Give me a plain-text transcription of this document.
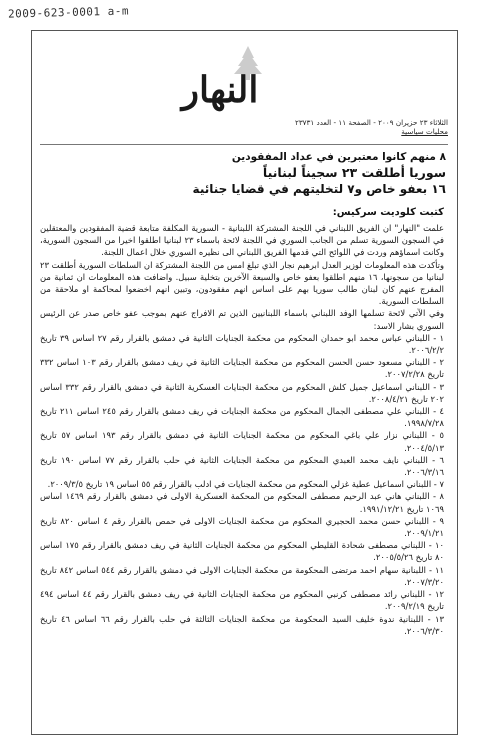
2009-623-0001 a-m
النهار
الثلاثاء ٢٣ حزيران ٢٠٠٩ - الصفحة ١١ - العدد ٢٣٧٣١
محليات سياسية
٨ منهم كانوا معتبرين في عداد المفقودين
سوريا أطلقت ٢٣ سجيناً لبنانياً
١٦ بعفو خاص و٧ لتخليتهم في قضايا جنائية
كتبت كلوديت سركيس:

علمت "النهار" ان الفريق اللبناني في اللجنة المشتركة اللبنانية - السورية المكلفة متابعة قضية المفقودين والمعتقلين في السجون السورية تسلم من الجانب السوري في اللجنة لائحة باسماء ٢٣ لبنانيا اطلقوا اخيرا من السجون السورية، وكانت اسماؤهم وردت في اللوائح التي قدمها الفريق اللبناني الى نظيره السوري خلال اعمال اللجنة.

وتأكدت هذه المعلومات لوزير العدل ابرهيم نجار الذي تبلغ امس من اللجنة المشتركة ان السلطات السورية أطلقت ٢٣ لبنانيا من سجونها، ١٦ منهم اطلقوا بعفو خاص والسبعة الآخرين بتخلية سبيل. واضافت هذه المعلومات ان ثمانية من المفرج عنهم كان لبنان طالب سوريا بهم على اساس انهم مفقودون، وتبين انهم اخضعوا لمحاكمة او ملاحقة من السلطات السورية.

وفي الآتي لائحة تسلمها الوفد اللبناني باسماء اللبنانيين الذين تم الافراج عنهم بموجب عفو خاص صدر عن الرئيس السوري بشار الاسد:

١ - اللبناني عباس محمد ابو حمدان المحكوم من محكمة الجنايات الثانية في دمشق بالقرار رقم ٢٧ اساس ٣٩ تاريخ ٢٠٠٦/٢/٢.

٢ - اللبناني مسعود حسن الحسن المحكوم من محكمة الجنايات الثانية في ريف دمشق بالقرار رقم ١٠٣ اساس ٣٣٢ تاريخ ٢٠٠٧/٢/٢٨.

٣ - اللبناني اسماعيل جميل كلش المحكوم من محكمة الجنايات العسكرية الثانية في دمشق بالقرار رقم ٣٣٢ اساس ٢٠٢ تاريخ ٢٠٠٨/٤/٢١.

٤ - اللبناني علي مصطفى الجمال المحكوم من محكمة الجنايات في ريف دمشق بالقرار رقم ٢٤٥ اساس ٢١١ تاريخ ١٩٩٨/٧/٢٨.

٥ - اللبناني نزار علي باغي المحكوم من محكمة الجنايات الثانية في دمشق بالقرار رقم ١٩٣ اساس ٥٧ تاريخ ٢٠٠٤/٥/١٣.

٦ - اللبناني نايف محمد العبدي المحكوم من محكمة الجنايات الثانية في حلب بالقرار رقم ٧٧ اساس ١٩٠ تاريخ ٢٠٠٦/٣/١٦.

٧ - اللبناني اسماعيل عطية غزلي المحكوم من محكمة الجنايات في ادلب بالقرار رقم ٥٥ اساس ١٩ تاريخ ٢٠٠٩/٣/٥.

٨ - اللبناني هاني عبد الرحيم مصطفى المحكوم من المحكمة العسكرية الاولى في دمشق بالقرار رقم ١٤٦٩ اساس ١٠٦٩ تاريخ ١٩٩١/١٢/٢١.

٩ - اللبناني حسن محمد الحجيري المحكوم من محكمة الجنايات الاولى في حمص بالقرار رقم ٤ اساس ٨٢٠ تاريخ ٢٠٠٩/١/٢١.

١٠ - اللبناني مصطفى شحادة القليطي المحكوم من محكمة الجنايات الثانية في ريف دمشق بالقرار رقم ١٧٥ اساس ٨٠ تاريخ ٢٠٠٥/٥/٢٦.

١١ - اللبنانية سهام احمد مرتضى المحكومة من محكمة الجنايات الاولى في دمشق بالقرار رقم ٥٤٤ اساس ٨٤٢ تاريخ ٢٠٠٧/٣/٢٠.

١٢ - اللبناني رائد مصطفى كرنبي المحكوم من محكمة الجنايات الثانية في ريف دمشق بالقرار رقم ٤٤ اساس ٤٩٤ تاريخ ٢٠٠٩/٢/١٩.

١٣ - اللبنانية ندوة خليف السيد المحكومة من محكمة الجنايات الثالثة في حلب بالقرار رقم ٦٦ اساس ٤٦ تاريخ ٢٠٠٦/٣/٣٠.
